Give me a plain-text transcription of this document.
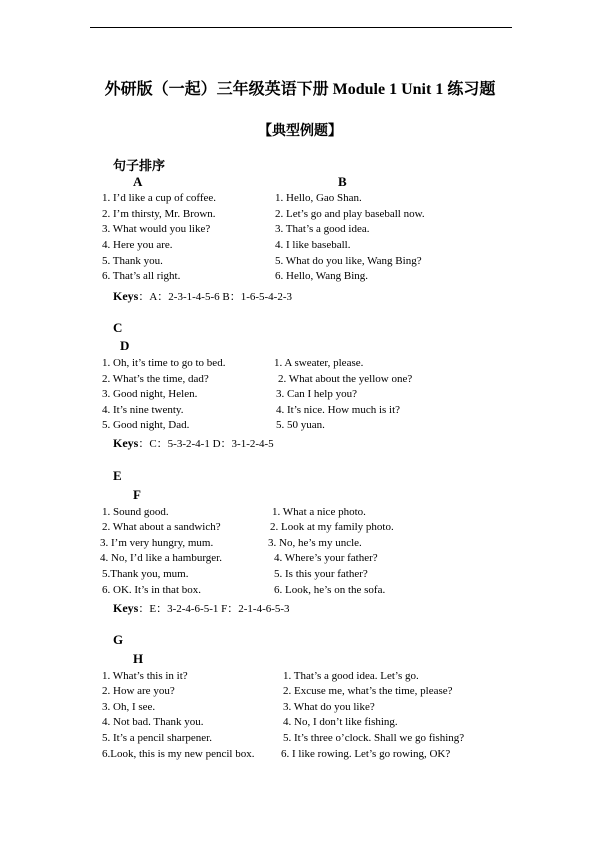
外研版（一起）三年级英语下册 Module 1 Unit 1 练习题
【典型例题】
句子排序
A	B
1. I’d like a cup of coffee.
2. I’m thirsty, Mr. Brown.
3. What would you like?
4. Here you are.
5. Thank you.
6. That’s all right.
1. Hello, Gao Shan.
2. Let’s go and play baseball now.
3. That’s a good idea.
4. I like baseball.
5. What do you like, Wang Bing?
6. Hello, Wang Bing.
Keys：A：2-3-1-4-5-6 B：1-6-5-4-2-3
C
D
1. Oh, it’s time to go to bed.
2. What’s the time, dad?
3. Good night, Helen.
4. It’s nine twenty.
5. Good night, Dad.
1. A sweater, please.
2. What about the yellow one?
3. Can I help you?
4. It’s nice. How much is it?
5. 50 yuan.
Keys：C：5-3-2-4-1 D：3-1-2-4-5
E
F
1. Sound good.
2. What about a sandwich?
3. I’m very hungry, mum.
4. No, I’d like a hamburger.
5.Thank you, mum.
6. OK. It’s in that box.
1. What a nice photo.
2. Look at my family photo.
3. No, he’s my uncle.
4. Where’s your father?
5. Is this your father?
6. Look, he’s on the sofa.
Keys：E：3-2-4-6-5-1 F：2-1-4-6-5-3
G
H
1. What’s this in it?
2. How are you?
3. Oh, I see.
4. Not bad. Thank you.
5. It’s a pencil sharpener.
6.Look, this is my new pencil box.
1. That’s a good idea. Let’s go.
2. Excuse me, what’s the time, please?
3. What do you like?
4. No, I don’t like fishing.
5. It’s three o’clock. Shall we go fishing?
6. I like rowing. Let’s go rowing, OK?
